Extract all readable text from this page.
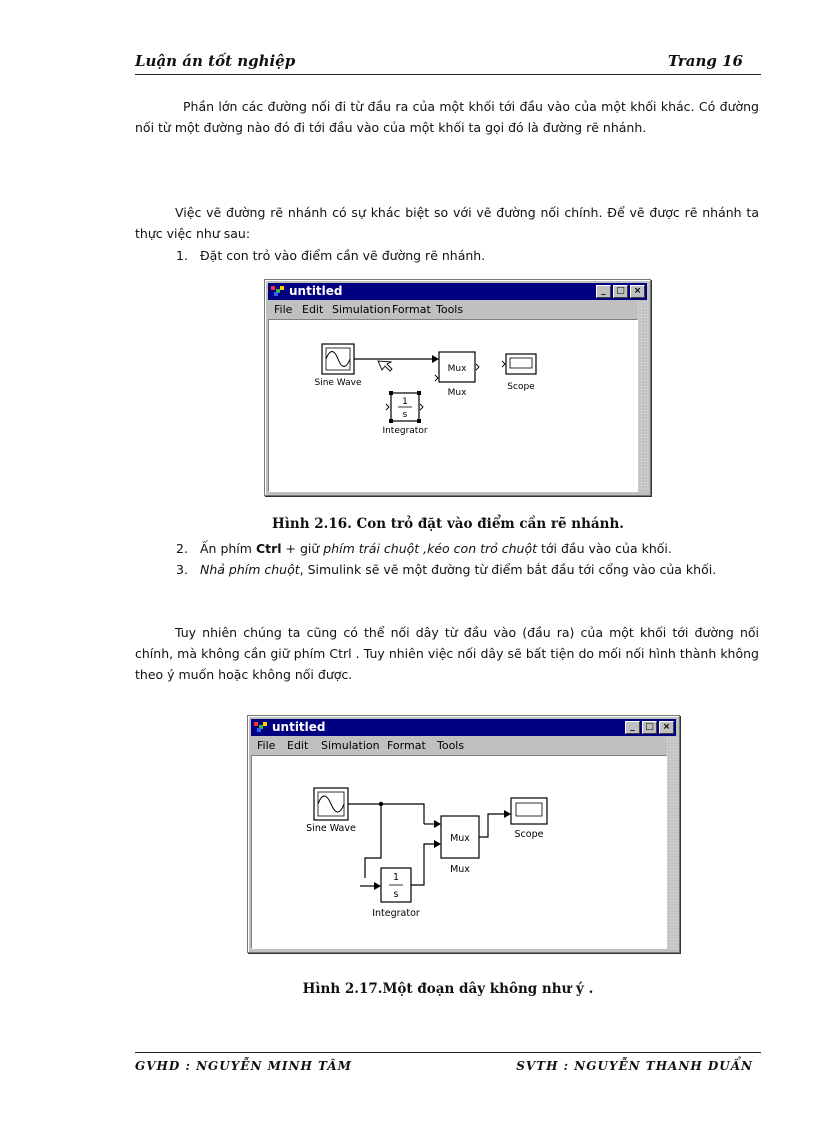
Luận án tốt nghiệp	Trang 16

Phần lớn các đường nối đi từ đầu ra của một khối tới đầu vào của một khối khác. Có đường nối từ một đường nào đó đi tới đầu vào của một khối ta gọi đó là đường rẽ nhánh.

Việc vẽ đường rẽ nhánh có sự khác biệt so với vẽ đường nối chính. Để vẽ được rẽ nhánh ta thực việc như sau:

1. Đặt con trỏ vào điểm cần vẽ đường rẽ nhánh.
untitled	_	□ ×
File Edit Simulation Format Tools
Sine Wave
Mux
Mux
Scope
1
s
Integrator
Hình 2.16. Con trỏ đặt vào điểm cần rẽ nhánh.
2. Ấn phím Ctrl + giữ phím trái chuột ,kéo con trỏ chuột tới đầu vào của khối.
3. Nhả phím chuột, Simulink sẽ vẽ một đường từ điểm bắt đầu tới cổng vào của khối.

Tuy nhiên chúng ta cũng có thể nối dây từ đầu vào (đầu ra) của một khối tới đường nối chính, mà không cần giữ phím Ctrl . Tuy nhiên việc nối dây sẽ bất tiện do mối nối hình thành không theo ý muốn hoặc không nối được.

untitled	_	□ ×
File Edit Simulation Format Tools
Sine Wave
1
s
Integrator
Mux
Mux
Scope
Hình 2.17.Một đoạn dây không như ý .
GVHD : NGUYỄN MINH TÂM	SVTH : NGUYỄN THANH DUẨN
